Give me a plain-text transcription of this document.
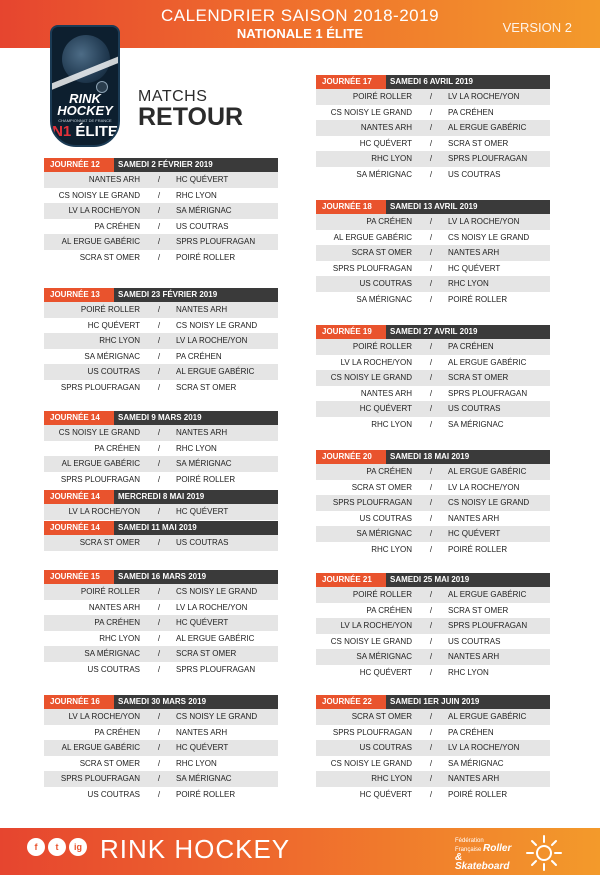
CALENDRIER SAISON 2018-2019
NATIONALE 1 ÉLITE	VERSION 2
RINK
HOCKEY
CHAMPIONNAT DE FRANCE
N1 ÉLITE
MATCHS
RETOUR
JOURNÉE 12	SAMEDI 2 FÉVRIER 2019
NANTES ARH	/	HC QUÉVERT
CS NOISY LE GRAND	/	RHC LYON
LV LA ROCHE/YON	/	SA MÉRIGNAC
PA CRÉHEN	/	US COUTRAS
AL ERGUE GABÉRIC	/	SPRS PLOUFRAGAN
SCRA ST OMER	/	POIRÉ ROLLER
JOURNÉE 13	SAMEDI 23 FÉVRIER 2019
POIRÉ ROLLER	/	NANTES ARH
HC QUÉVERT	/	CS NOISY LE GRAND
RHC LYON	/	LV LA ROCHE/YON
SA MÉRIGNAC	/	PA CRÉHEN
US COUTRAS	/	AL ERGUE GABÉRIC
SPRS PLOUFRAGAN	/	SCRA ST OMER
JOURNÉE 14	SAMEDI 9 MARS 2019
CS NOISY LE GRAND	/	NANTES ARH
PA CRÉHEN	/	RHC LYON
AL ERGUE GABÉRIC	/	SA MÉRIGNAC
SPRS PLOUFRAGAN	/	POIRÉ ROLLER
JOURNÉE 14	MERCREDI 8 MAI 2019
LV LA ROCHE/YON	/	HC QUÉVERT
JOURNÉE 14	SAMEDI 11 MAI 2019
SCRA ST OMER	/	US COUTRAS
JOURNÉE 15	SAMEDI 16 MARS 2019
POIRÉ ROLLER	/	CS NOISY LE GRAND
NANTES ARH	/	LV LA ROCHE/YON
PA CRÉHEN	/	HC QUÉVERT
RHC LYON	/	AL ERGUE GABÉRIC
SA MÉRIGNAC	/	SCRA ST OMER
US COUTRAS	/	SPRS PLOUFRAGAN
JOURNÉE 16	SAMEDI 30 MARS 2019
LV LA ROCHE/YON	/	CS NOISY LE GRAND
PA CRÉHEN	/	NANTES ARH
AL ERGUE GABÉRIC	/	HC QUÉVERT
SCRA ST OMER	/	RHC LYON
SPRS PLOUFRAGAN	/	SA MÉRIGNAC
US COUTRAS	/	POIRÉ ROLLER
JOURNÉE 17	SAMEDI 6 AVRIL 2019
POIRÉ ROLLER	/	LV LA ROCHE/YON
CS NOISY LE GRAND	/	PA CRÉHEN
NANTES ARH	/	AL ERGUE GABÉRIC
HC QUÉVERT	/	SCRA ST OMER
RHC LYON	/	SPRS PLOUFRAGAN
SA MÉRIGNAC	/	US COUTRAS
JOURNÉE 18	SAMEDI 13 AVRIL 2019
PA CRÉHEN	/	LV LA ROCHE/YON
AL ERGUE GABÉRIC	/	CS NOISY LE GRAND
SCRA ST OMER	/	NANTES ARH
SPRS PLOUFRAGAN	/	HC QUÉVERT
US COUTRAS	/	RHC LYON
SA MÉRIGNAC	/	POIRÉ ROLLER
JOURNÉE 19	SAMEDI 27 AVRIL 2019
POIRÉ ROLLER	/	PA CRÉHEN
LV LA ROCHE/YON	/	AL ERGUE GABÉRIC
CS NOISY LE GRAND	/	SCRA ST OMER
NANTES ARH	/	SPRS PLOUFRAGAN
HC QUÉVERT	/	US COUTRAS
RHC LYON	/	SA MÉRIGNAC
JOURNÉE 20	SAMEDI 18 MAI 2019
PA CRÉHEN	/	AL ERGUE GABÉRIC
SCRA ST OMER	/	LV LA ROCHE/YON
SPRS PLOUFRAGAN	/	CS NOISY LE GRAND
US COUTRAS	/	NANTES ARH
SA MÉRIGNAC	/	HC QUÉVERT
RHC LYON	/	POIRÉ ROLLER
JOURNÉE 21	SAMEDI 25 MAI 2019
POIRÉ ROLLER	/	AL ERGUE GABÉRIC
PA CRÉHEN	/	SCRA ST OMER
LV LA ROCHE/YON	/	SPRS PLOUFRAGAN
CS NOISY LE GRAND	/	US COUTRAS
SA MÉRIGNAC	/	NANTES ARH
HC QUÉVERT	/	RHC LYON
JOURNÉE 22	SAMEDI 1ER JUIN 2019
SCRA ST OMER	/	AL ERGUE GABÉRIC
SPRS PLOUFRAGAN	/	PA CRÉHEN
US COUTRAS	/	LV LA ROCHE/YON
CS NOISY LE GRAND	/	SA MÉRIGNAC
RHC LYON	/	NANTES ARH
HC QUÉVERT	/	POIRÉ ROLLER
f	t	ig RINK HOCKEY	Fédération
Française Roller
& Skateboard
